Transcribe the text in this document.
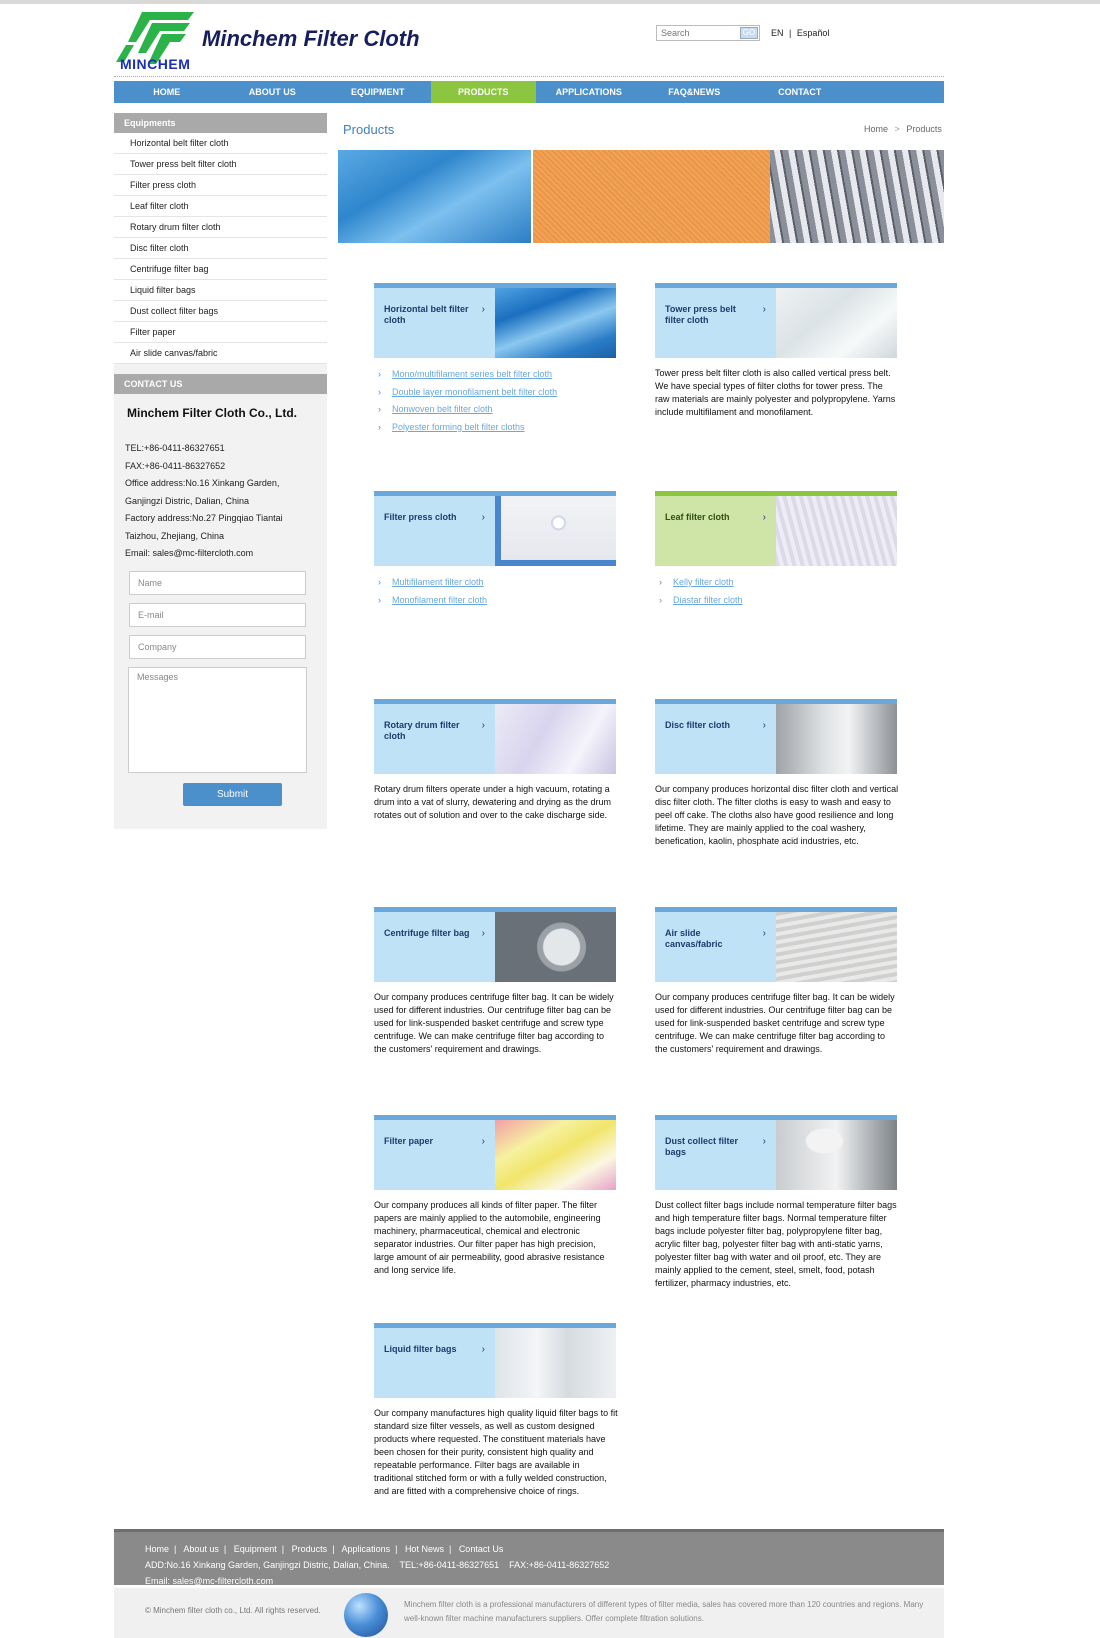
MINCHEM
Minchem Filter Cloth
Search	GO	EN | Español
HOME	ABOUT US	EQUIPMENT	PRODUCTS	APPLICATIONS	FAQ&NEWS	CONTACT
Equipments
Horizontal belt filter cloth
Tower press belt filter cloth
Filter press cloth
Leaf filter cloth
Rotary drum filter cloth
Disc filter cloth
Centrifuge filter bag
Liquid filter bags
Dust collect filter bags
Filter paper
Air slide canvas/fabric
CONTACT US
Minchem Filter Cloth Co., Ltd.
TEL:+86-0411-86327651
FAX:+86-0411-86327652
Office address:No.16 Xinkang Garden, Ganjingzi Distric, Dalian, China
Factory address:No.27 Pingqiao Tiantai Taizhou, Zhejiang, China
Email: sales@mc-filtercloth.com
Name
E-mail
Company
Messages
Submit
Products	Home > Products
Horizontal belt filter cloth
›
› Mono/multifilament series belt filter cloth
› Double layer monofilament belt filter cloth
› Nonwoven belt filter cloth
› Polyester forming belt filter cloths
Tower press belt filter cloth
›
Tower press belt filter cloth is also called vertical press belt. We have special types of filter cloths for tower press. The raw materials are mainly polyester and polypropylene. Yarns include multifilament and monofilament.
Filter press cloth	›
› Multifilament filter cloth
› Monofilament filter cloth
Leaf filter cloth	›
› Kelly filter cloth
› Diastar filter cloth
Rotary drum filter cloth
›
Rotary drum filters operate under a high vacuum, rotating a drum into a vat of slurry, dewatering and drying as the drum rotates out of solution and over to the cake discharge side.
Disc filter cloth	›
Our company produces horizontal disc filter cloth and vertical disc filter cloth. The filter cloths is easy to wash and easy to peel off cake. The cloths also have good resilience and long lifetime. They are mainly applied to the coal washery, benefication, kaolin, phosphate acid industries, etc.
Centrifuge filter bag ›
Our company produces centrifuge filter bag. It can be widely used for different industries. Our centrifuge filter bag can be used for link-suspended basket centrifuge and screw type centrifuge. We can make centrifuge filter bag according to the customers' requirement and drawings.
Air slide canvas/fabric
›
Our company produces centrifuge filter bag. It can be widely used for different industries. Our centrifuge filter bag can be used for link-suspended basket centrifuge and screw type centrifuge. We can make centrifuge filter bag according to the customers' requirement and drawings.
Filter paper	›
Our company produces all kinds of filter paper. The filter papers are mainly applied to the automobile, engineering machinery, pharmaceutical, chemical and electronic separator industries. Our filter paper has high precision, large amount of air permeability, good abrasive resistance and long service life.
Dust collect filter bags
›
Dust collect filter bags include normal temperature filter bags and high temperature filter bags. Normal temperature filter bags include polyester filter bag, polypropylene filter bag, acrylic filter bag, polyester filter bag with anti-static yarns, polyester filter bag with water and oil proof, etc. They are mainly applied to the cement, steel, smelt, food, potash fertilizer, pharmacy industries, etc.
Liquid filter bags	›
Our company manufactures high quality liquid filter bags to fit standard size filter vessels, as well as custom designed products where requested. The constituent materials have been chosen for their purity, consistent high quality and repeatable performance. Filter bags are available in traditional stitched form or with a fully welded construction, and are fitted with a comprehensive choice of rings.
Home | About us | Equipment | Products | Applications | Hot News | Contact Us
ADD:No.16 Xinkang Garden, Ganjingzi Distric, Dalian, China.    TEL:+86-0411-86327651    FAX:+86-0411-86327652
Email: sales@mc-filtercloth.com
© Minchem filter cloth co., Ltd. All rights reserved.
Minchem filter cloth is a professional manufacturers of different types of filter media, sales has covered more than 120 countries and regions. Many well-known filter machine manufacturers suppliers. Offer complete filtration solutions.
